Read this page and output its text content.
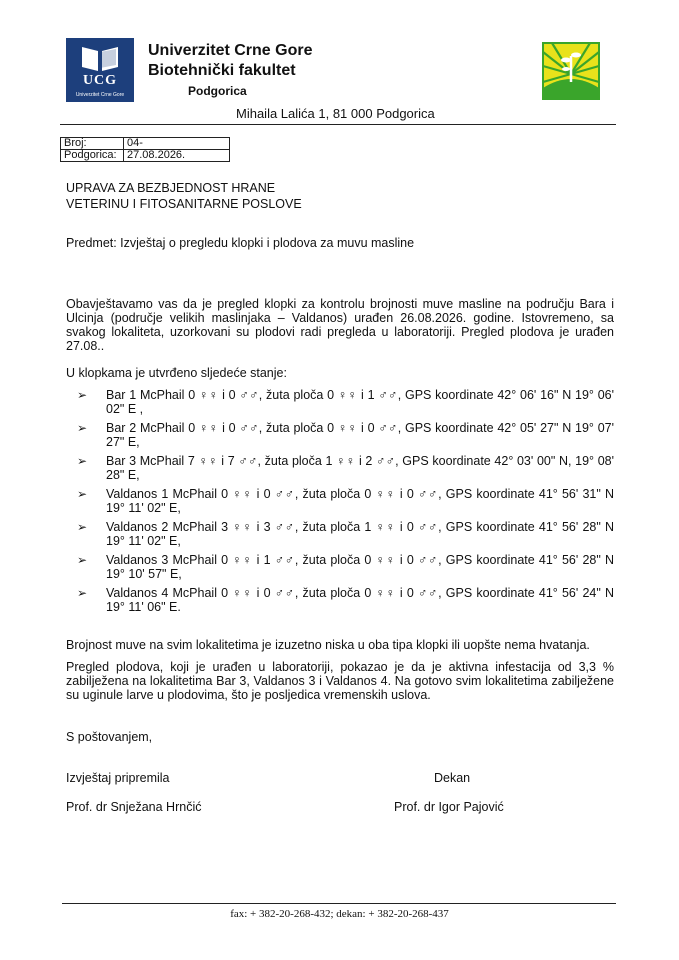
UCG
Univerzitet Crne Gore
Univerzitet Crne Gore
Biotehnički fakultet
Podgorica
Mihaila Lalića 1, 81 000 Podgorica
Broj:	04-
Podgorica:	27.08.2026.
UPRAVA ZA BEZBJEDNOST HRANE
VETERINU I FITOSANITARNE POSLOVE
Predmet: Izvještaj o pregledu klopki i plodova za muvu masline
Obavještavamo vas da je pregled klopki za kontrolu brojnosti muve masline na području Bara i Ulcinja (područje velikih maslinjaka – Valdanos) urađen 26.08.2026. godine. Istovremeno, sa svakog lokaliteta, uzorkovani su plodovi radi pregleda u laboratoriji. Pregled plodova je urađen 27.08..
U klopkama je utvrđeno sljedeće stanje:
➢ Bar 1 McPhail 0 ♀♀ i 0 ♂♂, žuta ploča 0 ♀♀ i 1 ♂♂, GPS koordinate 42° 06' 16" N 19° 06' 02" E ,
➢ Bar 2 McPhail 0 ♀♀ i 0 ♂♂, žuta ploča 0 ♀♀ i 0 ♂♂, GPS koordinate 42° 05' 27" N 19° 07' 27" E,
➢ Bar 3 McPhail 7 ♀♀ i 7 ♂♂, žuta ploča 1 ♀♀ i 2 ♂♂, GPS koordinate 42° 03' 00" N, 19° 08' 28" E,
➢ Valdanos 1 McPhail 0 ♀♀ i 0 ♂♂, žuta ploča 0 ♀♀ i 0 ♂♂, GPS koordinate 41° 56' 31" N 19° 11' 02" E,
➢ Valdanos 2 McPhail 3 ♀♀ i 3 ♂♂, žuta ploča 1 ♀♀ i 0 ♂♂, GPS koordinate 41° 56' 28" N 19° 11' 02" E,
➢ Valdanos 3 McPhail 0 ♀♀ i 1 ♂♂, žuta ploča 0 ♀♀ i 0 ♂♂, GPS koordinate 41° 56' 28" N 19° 10' 57" E,
➢ Valdanos 4 McPhail 0 ♀♀ i 0 ♂♂, žuta ploča 0 ♀♀ i 0 ♂♂, GPS koordinate 41° 56' 24" N 19° 11' 06" E.
Brojnost muve na svim lokalitetima je izuzetno niska u oba tipa klopki ili uopšte nema hvatanja.
Pregled plodova, koji je urađen u laboratoriji, pokazao je da je aktivna infestacija od 3,3 % zabilježena na lokalitetima Bar 3, Valdanos 3 i Valdanos 4. Na gotovo svim lokalitetima zabilježene su uginule larve u plodovima, što je posljedica vremenskih uslova.
S poštovanjem,
Izvještaj pripremila	Dekan
Prof. dr Snježana Hrnčić	Prof. dr Igor Pajović
fax: + 382-20-268-432; dekan: + 382-20-268-437
